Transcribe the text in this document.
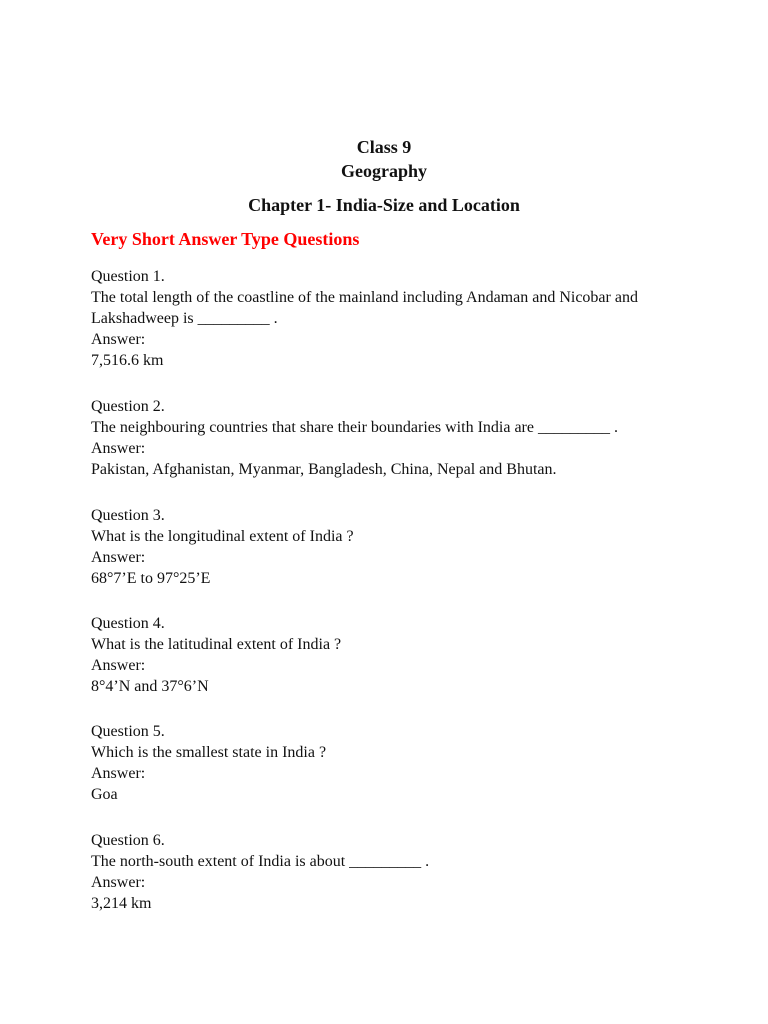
Class 9
Geography
Chapter 1- India-Size and Location
Very Short Answer Type Questions
Question 1.
The total length of the coastline of the mainland including Andaman and Nicobar and Lakshadweep is _________ .
Answer:
7,516.6 km
Question 2.
The neighbouring countries that share their boundaries with India are _________ .
Answer:
Pakistan, Afghanistan, Myanmar, Bangladesh, China, Nepal and Bhutan.
Question 3.
What is the longitudinal extent of India ?
Answer:
68°7’E to 97°25’E
Question 4.
What is the latitudinal extent of India ?
Answer:
8°4’N and 37°6’N
Question 5.
Which is the smallest state in India ?
Answer:
Goa
Question 6.
The north-south extent of India is about _________ .
Answer:
3,214 km
